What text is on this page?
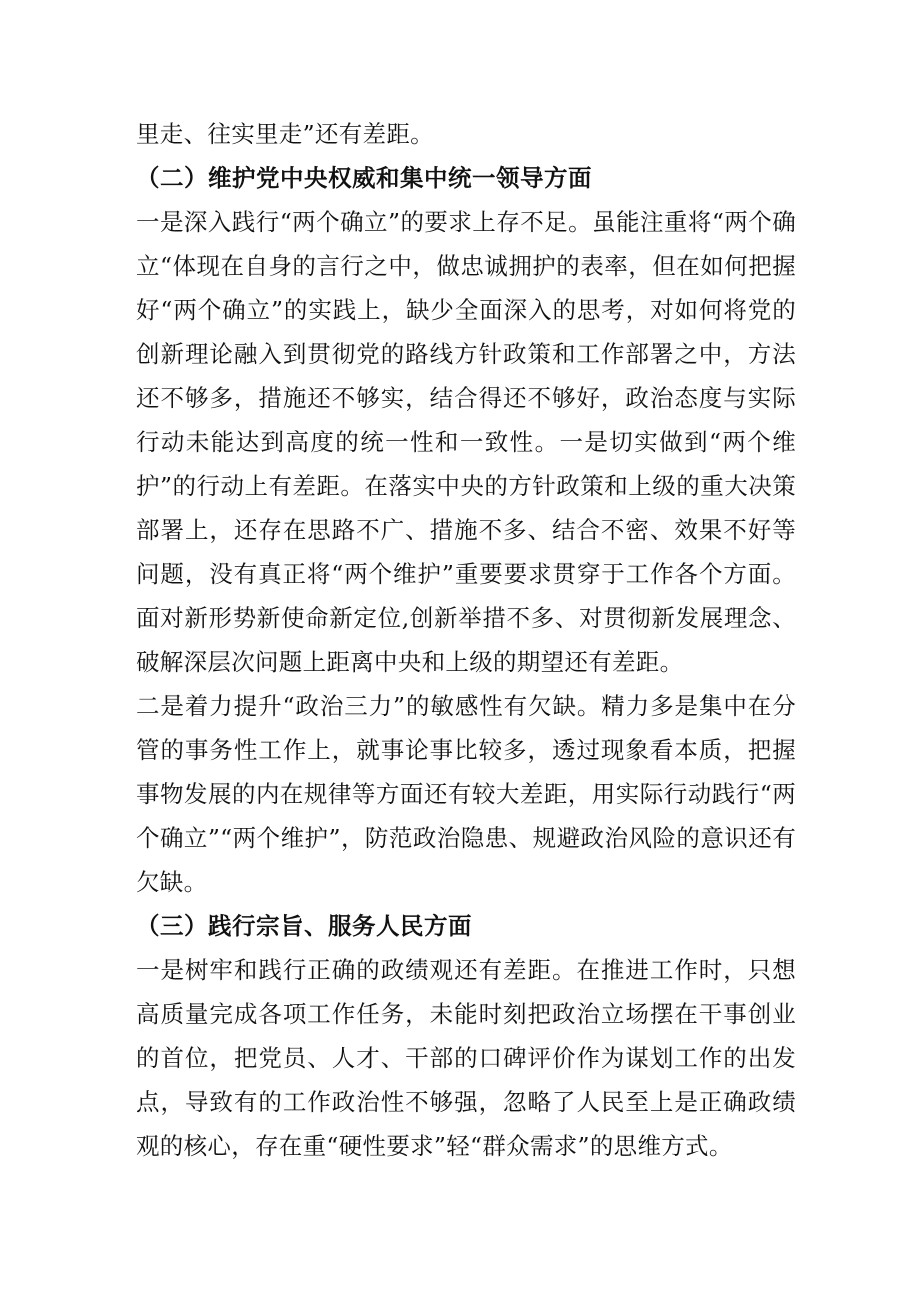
里走、往实里走”还有差距。

（二）维护党中央权威和集中统一领导方面

一是深入践行“两个确立”的要求上存不足。虽能注重将“两个确立“体现在自身的言行之中，做忠诚拥护的表率，但在如何把握好“两个确立”的实践上，缺少全面深入的思考，对如何将党的创新理论融入到贯彻党的路线方针政策和工作部署之中，方法还不够多，措施还不够实，结合得还不够好，政治态度与实际行动未能达到高度的统一性和一致性。一是切实做到“两个维护”的行动上有差距。在落实中央的方针政策和上级的重大决策部署上，还存在思路不广、措施不多、结合不密、效果不好等问题，没有真正将“两个维护”重要要求贯穿于工作各个方面。面对新形势新使命新定位,创新举措不多、对贯彻新发展理念、破解深层次问题上距离中央和上级的期望还有差距。

二是着力提升“政治三力”的敏感性有欠缺。精力多是集中在分管的事务性工作上，就事论事比较多，透过现象看本质，把握事物发展的内在规律等方面还有较大差距，用实际行动践行“两个确立”“两个维护”，防范政治隐患、规避政治风险的意识还有欠缺。

（三）践行宗旨、服务人民方面

一是树牢和践行正确的政绩观还有差距。在推进工作时，只想高质量完成各项工作任务，未能时刻把政治立场摆在干事创业的首位，把党员、人才、干部的口碑评价作为谋划工作的出发点，导致有的工作政治性不够强，忽略了人民至上是正确政绩观的核心，存在重“硬性要求”轻“群众需求”的思维方式。
